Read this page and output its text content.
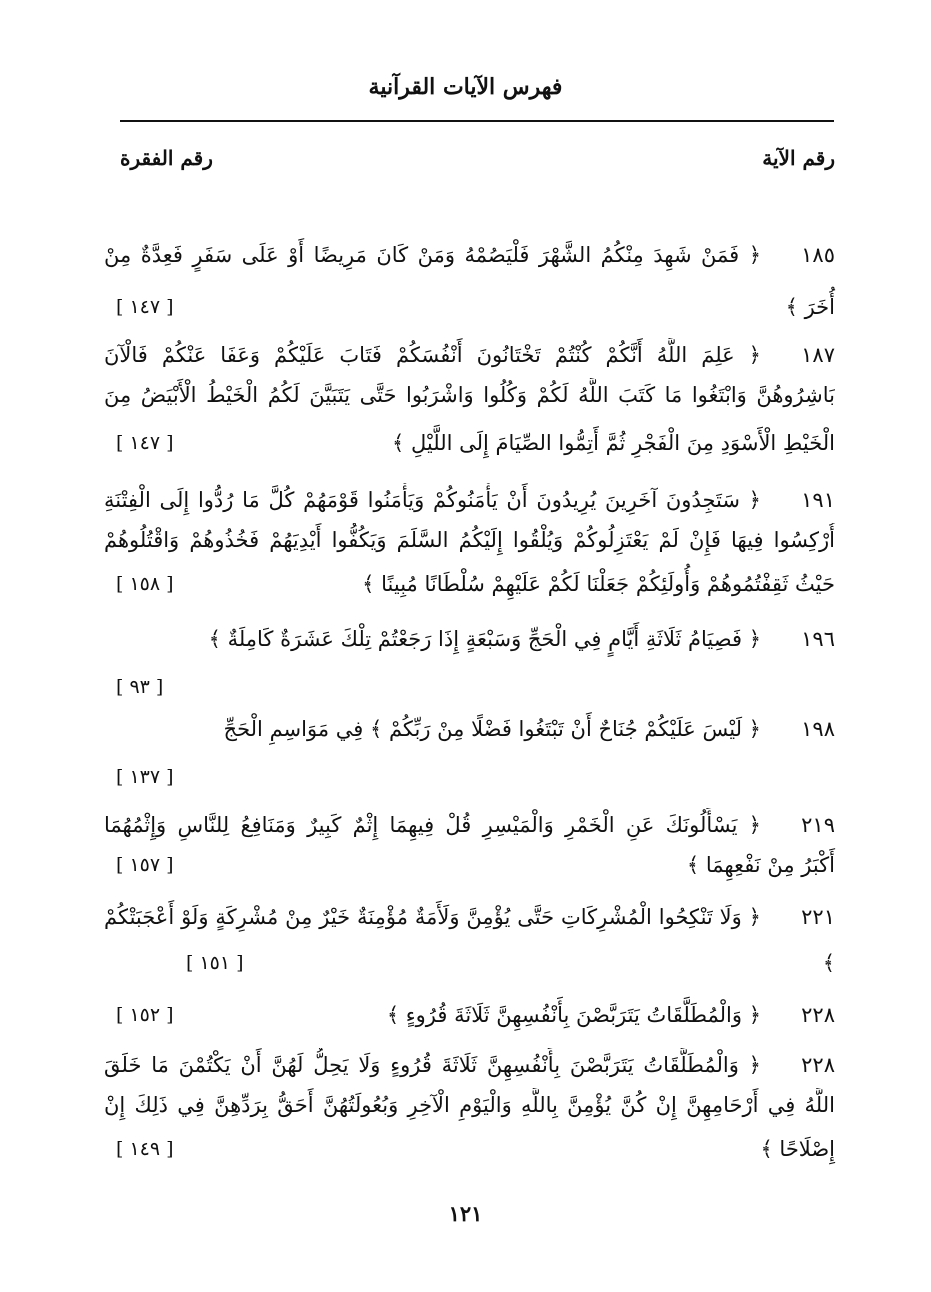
فهرس الآيات القرآنية
رقم الآية
رقم الفقرة
١٨٥﴿ فَمَنْ شَهِدَ مِنْكُمُ الشَّهْرَ فَلْيَصُمْهُ وَمَنْ كَانَ مَرِيضًا أَوْ عَلَى سَفَرٍ فَعِدَّةٌ مِنْ
أُخَرَ ﴾
[ ١٤٧ ]
١٨٧﴿ عَلِمَ اللَّهُ أَنَّكُمْ كُنْتُمْ تَخْتَانُونَ أَنْفُسَكُمْ فَتَابَ عَلَيْكُمْ وَعَفَا عَنْكُمْ فَالْآنَ
بَاشِرُوهُنَّ وَابْتَغُوا مَا كَتَبَ اللَّهُ لَكُمْ وَكُلُوا وَاشْرَبُوا حَتَّى يَتَبَيَّنَ لَكُمُ الْخَيْطُ الْأَبْيَضُ مِنَ
الْخَيْطِ الْأَسْوَدِ مِنَ الْفَجْرِ ثُمَّ أَتِمُّوا الصِّيَامَ إِلَى اللَّيْلِ ﴾
[ ١٤٧ ]
١٩١﴿ سَتَجِدُونَ آخَرِينَ يُرِيدُونَ أَنْ يَأْمَنُوكُمْ وَيَأْمَنُوا قَوْمَهُمْ كُلَّ مَا رُدُّوا إِلَى الْفِتْنَةِ
أُرْكِسُوا فِيهَا فَإِنْ لَمْ يَعْتَزِلُوكُمْ وَيُلْقُوا إِلَيْكُمُ السَّلَمَ وَيَكُفُّوا أَيْدِيَهُمْ فَخُذُوهُمْ وَاقْتُلُوهُمْ
حَيْثُ ثَقِفْتُمُوهُمْ وَأُولَئِكُمْ جَعَلْنَا لَكُمْ عَلَيْهِمْ سُلْطَانًا مُبِينًا ﴾
[ ١٥٨ ]
١٩٦﴿ فَصِيَامُ ثَلَاثَةِ أَيَّامٍ فِي الْحَجِّ وَسَبْعَةٍ إِذَا رَجَعْتُمْ تِلْكَ عَشَرَةٌ كَامِلَةٌ ﴾
[ ٩٣ ]
١٩٨﴿ لَيْسَ عَلَيْكُمْ جُنَاحٌ أَنْ تَبْتَغُوا فَضْلًا مِنْ رَبِّكُمْ ﴾ فِي مَوَاسِمِ الْحَجِّ
[ ١٣٧ ]
٢١٩﴿ يَسْأَلُونَكَ عَنِ الْخَمْرِ وَالْمَيْسِرِ قُلْ فِيهِمَا إِثْمٌ كَبِيرٌ وَمَنَافِعُ لِلنَّاسِ وَإِثْمُهُمَا
أَكْبَرُ مِنْ نَفْعِهِمَا ﴾
[ ١٥٧ ]
٢٢١﴿ وَلَا تَنْكِحُوا الْمُشْرِكَاتِ حَتَّى يُؤْمِنَّ وَلَأَمَةٌ مُؤْمِنَةٌ خَيْرٌ مِنْ مُشْرِكَةٍ وَلَوْ أَعْجَبَتْكُمْ
﴾
[ ١٥١ ]
٢٢٨﴿ وَالْمُطَلَّقَاتُ يَتَرَبَّصْنَ بِأَنْفُسِهِنَّ ثَلَاثَةَ قُرُوءٍ ﴾
[ ١٥٢ ]
٢٢٨﴿ وَالْمُطَلَّقَاتُ يَتَرَبَّصْنَ بِأَنْفُسِهِنَّ ثَلَاثَةَ قُرُوءٍ وَلَا يَحِلُّ لَهُنَّ أَنْ يَكْتُمْنَ مَا خَلَقَ
اللَّهُ فِي أَرْحَامِهِنَّ إِنْ كُنَّ يُؤْمِنَّ بِاللَّهِ وَالْيَوْمِ الْآخِرِ وَبُعُولَتُهُنَّ أَحَقُّ بِرَدِّهِنَّ فِي ذَلِكَ إِنْ
إِصْلَاحًا ﴾
[ ١٤٩ ]
١٢١
